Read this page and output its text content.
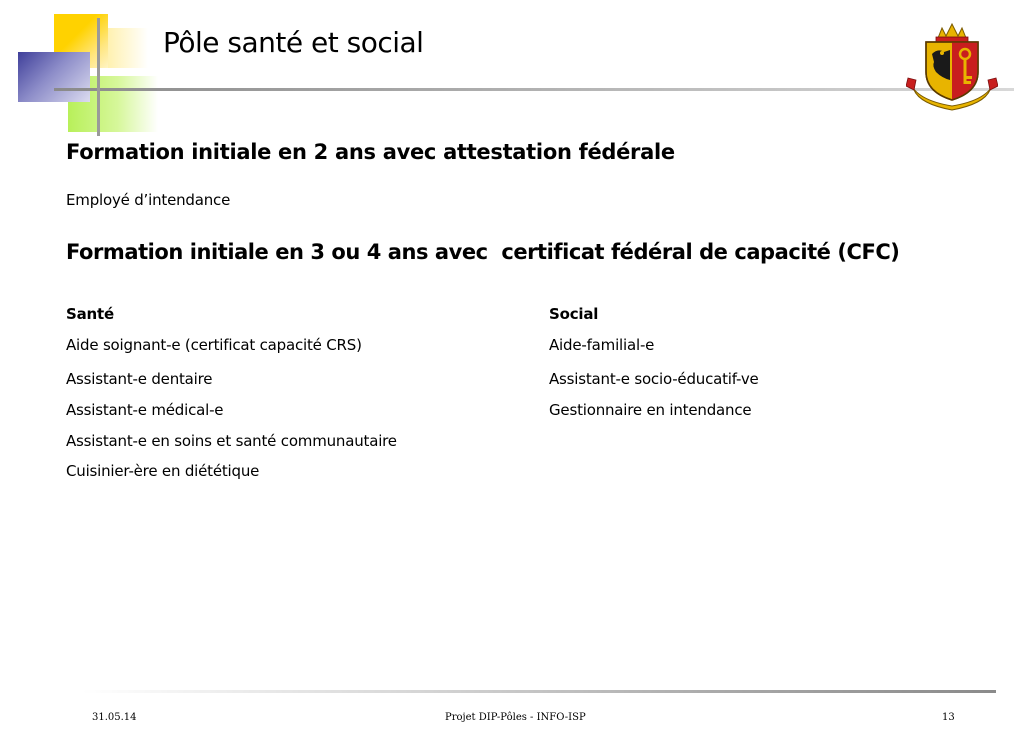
Pôle santé et social
Formation initiale en 2 ans avec attestation fédérale
Employé d’intendance
Formation initiale en 3 ou 4 ans avec  certificat fédéral de capacité (CFC)
Santé
Aide soignant-e (certificat capacité CRS)
Assistant-e dentaire
Assistant-e médical-e
Assistant-e en soins et santé communautaire
Cuisinier-ère en diététique
Social
Aide-familial-e
Assistant-e socio-éducatif-ve
Gestionnaire en intendance
31.05.14	Projet DIP-Pôles - INFO-ISP	13
